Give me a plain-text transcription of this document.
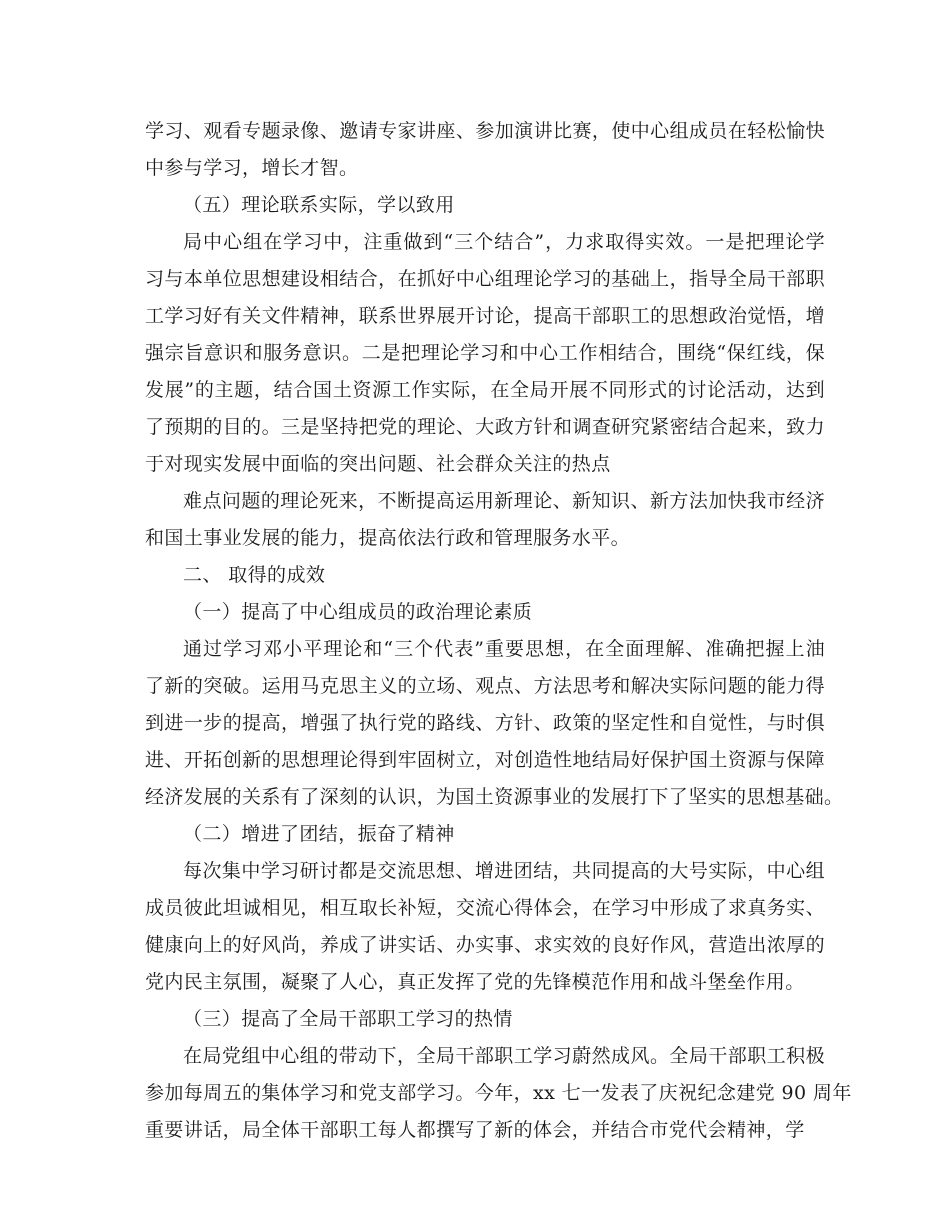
学习、观看专题录像、邀请专家讲座、参加演讲比赛，使中心组成员在轻松愉快
中参与学习，增长才智。
（五）理论联系实际，学以致用
局中心组在学习中，注重做到“三个结合”，力求取得实效。一是把理论学
习与本单位思想建设相结合，在抓好中心组理论学习的基础上，指导全局干部职
工学习好有关文件精神，联系世界展开讨论，提高干部职工的思想政治觉悟，增
强宗旨意识和服务意识。二是把理论学习和中心工作相结合，围绕“保红线，保
发展”的主题，结合国土资源工作实际，在全局开展不同形式的讨论活动，达到
了预期的目的。三是坚持把党的理论、大政方针和调查研究紧密结合起来，致力
于对现实发展中面临的突出问题、社会群众关注的热点
难点问题的理论死来，不断提高运用新理论、新知识、新方法加快我市经济
和国土事业发展的能力，提高依法行政和管理服务水平。
二、 取得的成效
（一）提高了中心组成员的政治理论素质
通过学习邓小平理论和“三个代表”重要思想，在全面理解、准确把握上油
了新的突破。运用马克思主义的立场、观点、方法思考和解决实际问题的能力得
到进一步的提高，增强了执行党的路线、方针、政策的坚定性和自觉性，与时俱
进、开拓创新的思想理论得到牢固树立，对创造性地结局好保护国土资源与保障
经济发展的关系有了深刻的认识，为国土资源事业的发展打下了坚实的思想基础。
（二）增进了团结，振奋了精神
每次集中学习研讨都是交流思想、增进团结，共同提高的大号实际，中心组
成员彼此坦诚相见，相互取长补短，交流心得体会，在学习中形成了求真务实、
健康向上的好风尚，养成了讲实话、办实事、求实效的良好作风，营造出浓厚的
党内民主氛围，凝聚了人心，真正发挥了党的先锋模范作用和战斗堡垒作用。
（三）提高了全局干部职工学习的热情
在局党组中心组的带动下，全局干部职工学习蔚然成风。全局干部职工积极
参加每周五的集体学习和党支部学习。今年，xx 七一发表了庆祝纪念建党 90 周年
重要讲话，局全体干部职工每人都撰写了新的体会，并结合市党代会精神，学
